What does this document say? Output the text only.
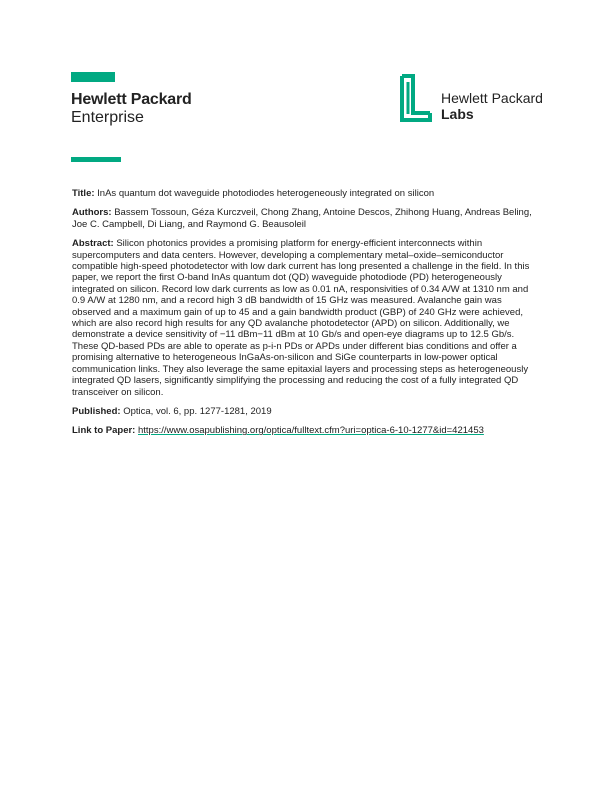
Hewlett Packard
Enterprise
Hewlett Packard
Labs

Title: InAs quantum dot waveguide photodiodes heterogeneously integrated on silicon

Authors: Bassem Tossoun, Géza Kurczveil, Chong Zhang, Antoine Descos, Zhihong Huang, Andreas Beling, Joe C. Campbell, Di Liang, and Raymond G. Beausoleil

Abstract: Silicon photonics provides a promising platform for energy-efficient interconnects within supercomputers and data centers. However, developing a complementary metal–oxide–semiconductor compatible high-speed photodetector with low dark current has long presented a challenge in the field. In this paper, we report the first O-band InAs quantum dot (QD) waveguide photodiode (PD) heterogeneously integrated on silicon. Record low dark currents as low as 0.01 nA, responsivities of 0.34 A/W at 1310 nm and 0.9 A/W at 1280 nm, and a record high 3 dB bandwidth of 15 GHz was measured. Avalanche gain was observed and a maximum gain of up to 45 and a gain bandwidth product (GBP) of 240 GHz were achieved, which are also record high results for any QD avalanche photodetector (APD) on silicon. Additionally, we demonstrate a device sensitivity of −11 dBm−11 dBm at 10 Gb/s and open-eye diagrams up to 12.5 Gb/s. These QD-based PDs are able to operate as p-i-n PDs or APDs under different bias conditions and offer a promising alternative to heterogeneous InGaAs-on-silicon and SiGe counterparts in low-power optical communication links. They also leverage the same epitaxial layers and processing steps as heterogeneously integrated QD lasers, significantly simplifying the processing and reducing the cost of a fully integrated QD transceiver on silicon.

Published: Optica, vol. 6, pp. 1277-1281, 2019

Link to Paper: https://www.osapublishing.org/optica/fulltext.cfm?uri=optica-6-10-1277&id=421453
